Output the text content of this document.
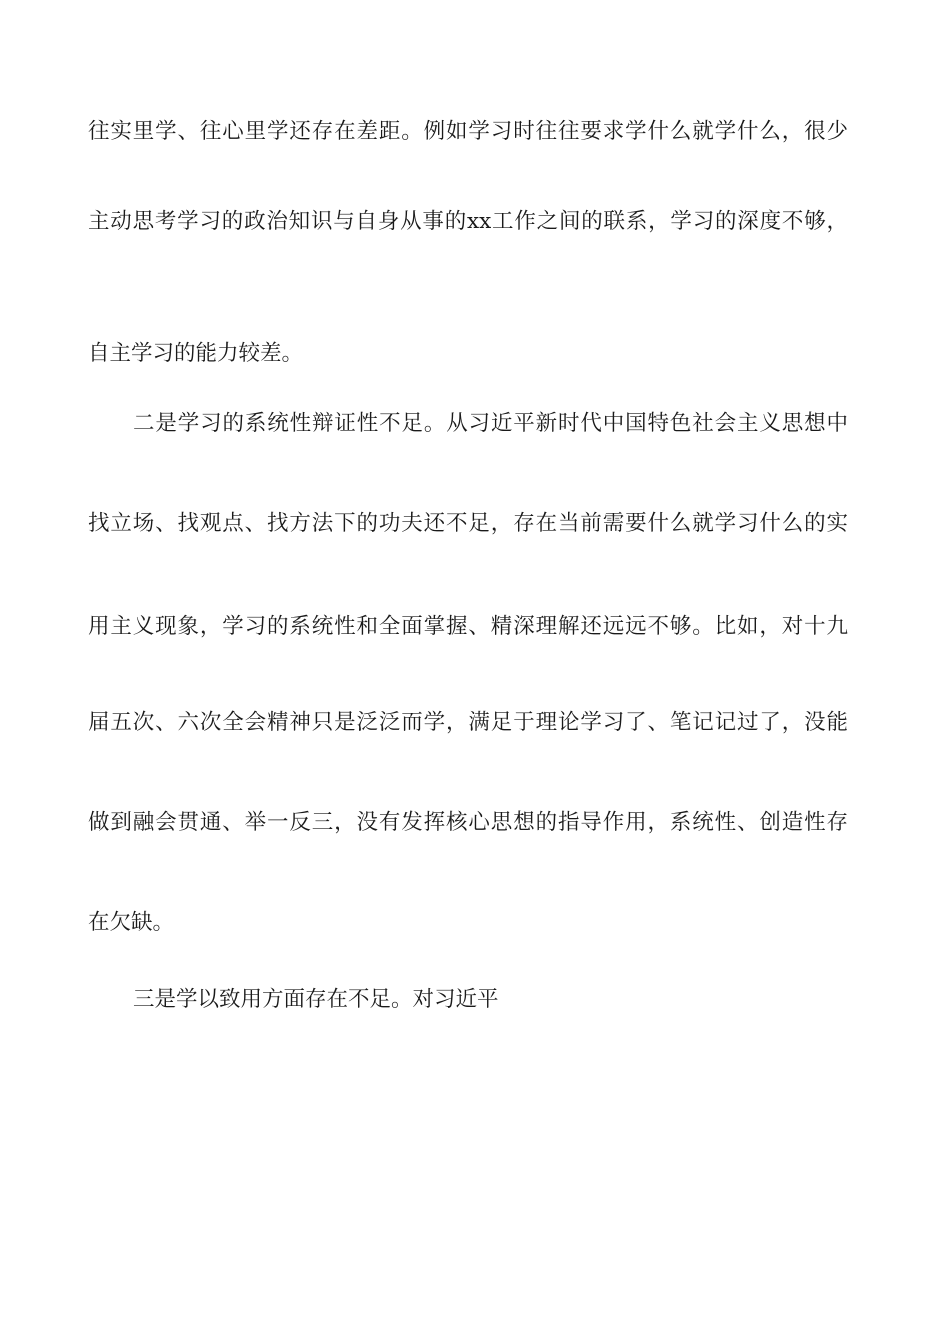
往实里学、往心里学还存在差距。例如学习时往往要求学什么就学什么，很少
主动思考学习的政治知识与自身从事的xx工作之间的联系，学习的深度不够，
自主学习的能力较差。
二是学习的系统性辩证性不足。从习近平新时代中国特色社会主义思想中
找立场、找观点、找方法下的功夫还不足，存在当前需要什么就学习什么的实
用主义现象，学习的系统性和全面掌握、精深理解还远远不够。比如，对十九
届五次、六次全会精神只是泛泛而学，满足于理论学习了、笔记记过了，没能
做到融会贯通、举一反三，没有发挥核心思想的指导作用，系统性、创造性存
在欠缺。
三是学以致用方面存在不足。对习近平
